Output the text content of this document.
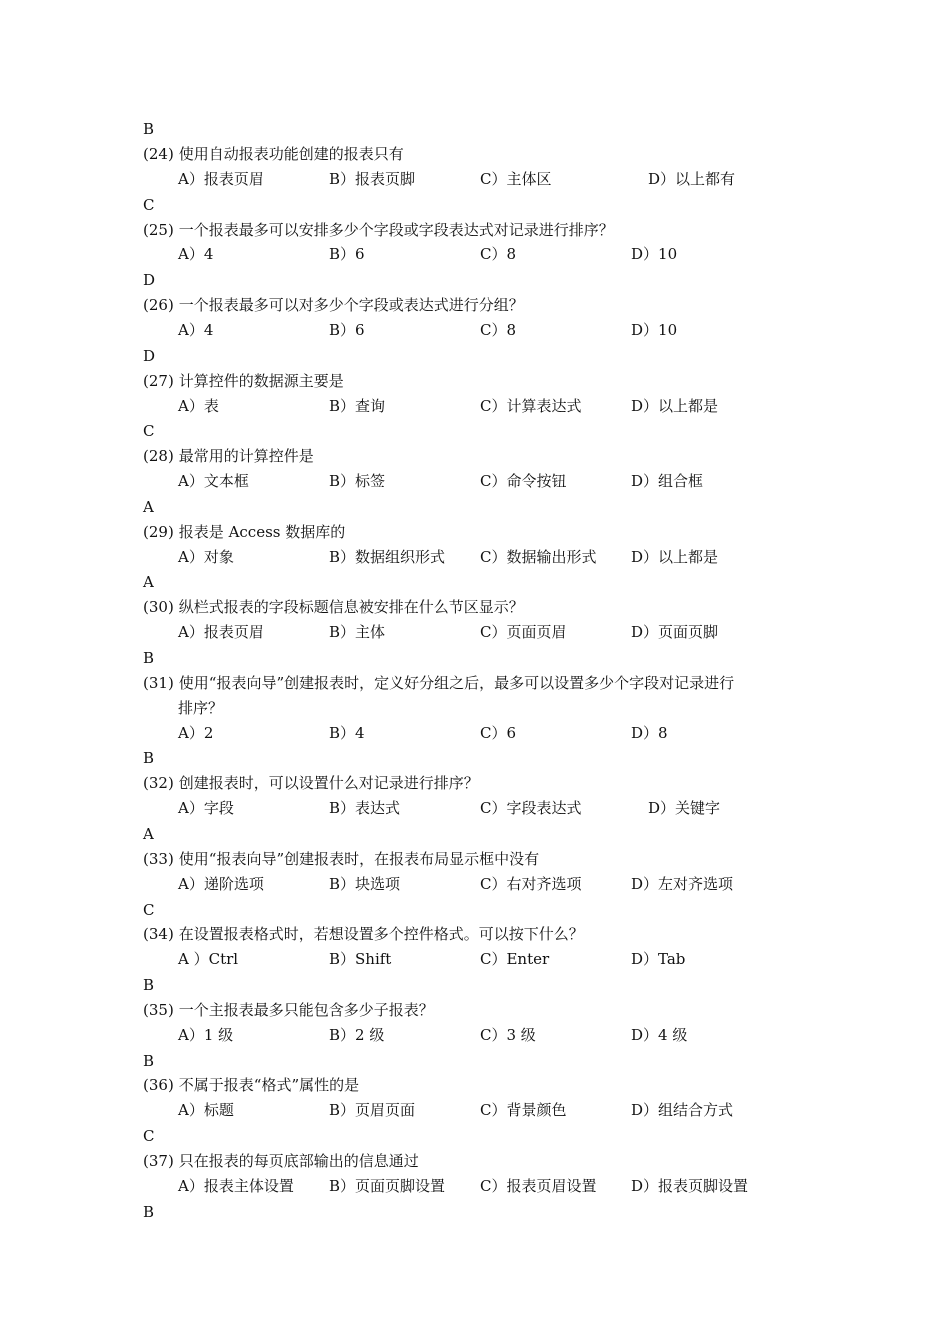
B
(24) 使用自动报表功能创建的报表只有
A）报表页眉	B）报表页脚	C）主体区	D）以上都有
C
(25) 一个报表最多可以安排多少个字段或字段表达式对记录进行排序？
A）4	B）6	C）8	D）10
D
(26) 一个报表最多可以对多少个字段或表达式进行分组？
A）4	B）6	C）8	D）10
D
(27) 计算控件的数据源主要是
A）表	B）查询	C）计算表达式	D）以上都是
C
(28) 最常用的计算控件是
A）文本框	B）标签	C）命令按钮	D）组合框
A
(29) 报表是 Access 数据库的
A）对象	B）数据组织形式 C）数据输出形式 D）以上都是
A
(30) 纵栏式报表的字段标题信息被安排在什么节区显示？
A）报表页眉	B）主体	C）页面页眉	D）页面页脚
B
(31) 使用“报表向导”创建报表时，定义好分组之后，最多可以设置多少个字段对记录进行
排序？
A）2	B）4	C）6	D）8
B
(32) 创建报表时，可以设置什么对记录进行排序？
A）字段	B）表达式	C）字段表达式	D）关键字
A
(33) 使用“报表向导”创建报表时，在报表布局显示框中没有
A）递阶选项	B）块选项	C）右对齐选项	D）左对齐选项
C
(34) 在设置报表格式时，若想设置多个控件格式。可以按下什么？
A ）Ctrl	B）Shift	C）Enter	D）Tab
B
(35) 一个主报表最多只能包含多少子报表？
A）1 级	B）2 级	C）3 级	D）4 级
B
(36) 不属于报表“格式”属性的是
A）标题	B）页眉页面	C）背景颜色	D）组结合方式
C
(37) 只在报表的每页底部输出的信息通过
A）报表主体设置 B）页面页脚设置 C）报表页眉设置 D）报表页脚设置
B
